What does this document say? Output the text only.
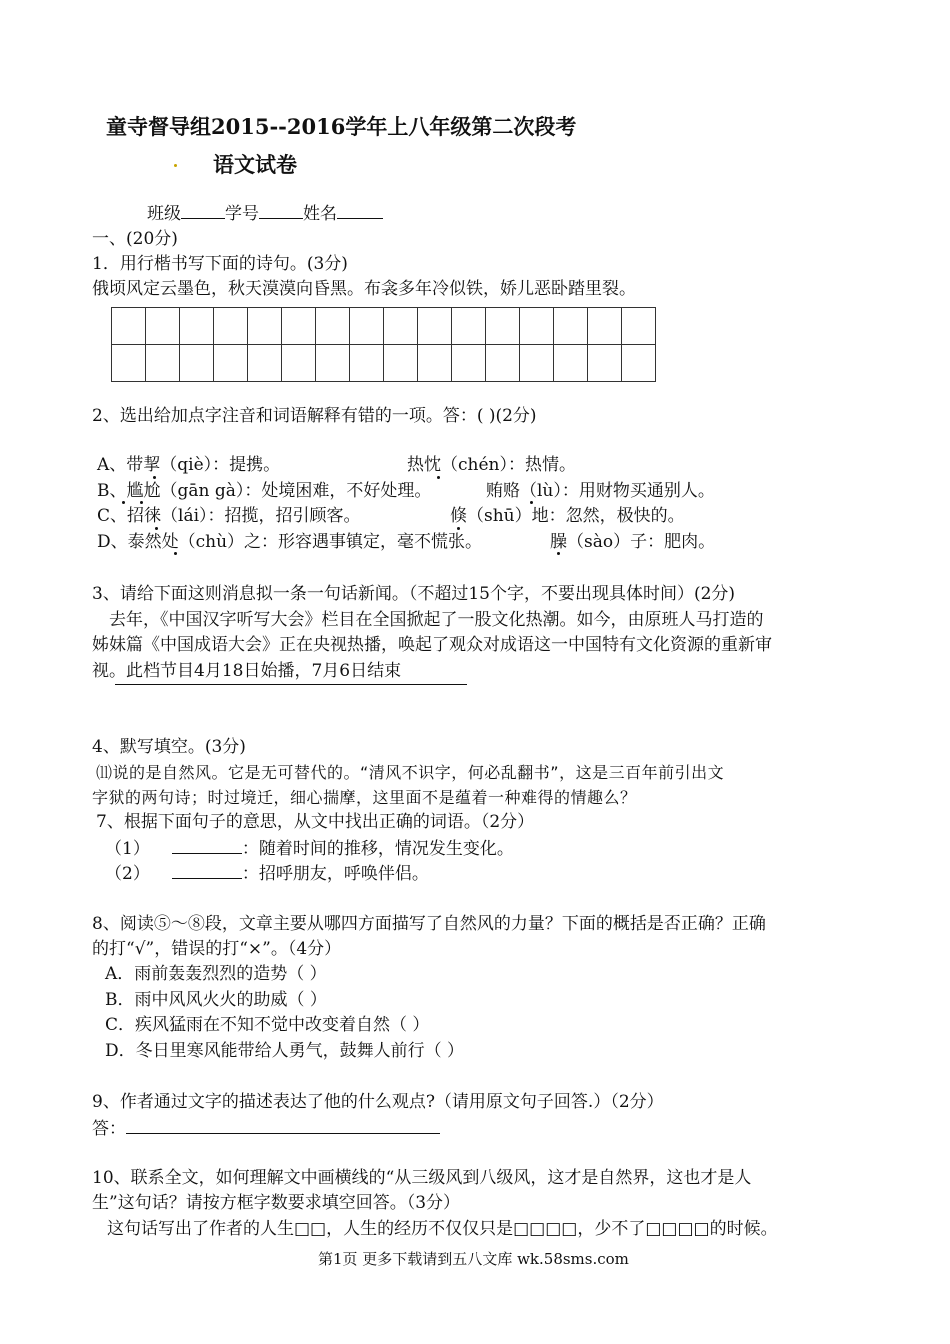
童寺督导组2015--2016学年上八年级第二次段考
语文试卷
班级	学号	姓名
一、(20分)
1．用行楷书写下面的诗句。(3分)
俄顷风定云墨色，秋天漠漠向昏黑。布衾多年冷似铁，娇儿恶卧踏里裂。

2、选出给加点字注音和词语解释有错的一项。答：( )(2分)
A、带挈（qiè）：提携。	热忱（chén）：热情。
B、尴尬（gān gà）：处境困难，不好处理。	贿赂（lù）：用财物买通别人。
C、招徕（lái）：招揽，招引顾客。	倏（shū）地：忽然，极快的。
D、泰然处（chù）之：形容遇事镇定，毫不慌张。	臊（sào）子：肥肉。
3、请给下面这则消息拟一条一句话新闻。（不超过15个字，不要出现具体时间）(2分)
去年，《中国汉字听写大会》栏目在全国掀起了一股文化热潮。如今，由原班人马打造的
姊妹篇《中国成语大会》正在央视热播，唤起了观众对成语这一中国特有文化资源的重新审
视。此档节目4月18日始播，7月6日结束
4、默写填空。(3分)
⑾说的是自然风。它是无可替代的。“清风不识字，何必乱翻书”，这是三百年前引出文
字狱的两句诗；时过境迁，细心揣摩，这里面不是蕴着一种难得的情趣么？
7、根据下面句子的意思，从文中找出正确的词语。（2分）
（1）	：随着时间的推移，情况发生变化。
（2）	：招呼朋友，呼唤伴侣。
8、阅读⑤～⑧段，文章主要从哪四方面描写了自然风的力量？下面的概括是否正确？正确
的打“√”，错误的打“×”。（4分）
A．雨前轰轰烈烈的造势（ ）
B．雨中风风火火的助威（ ）
C．疾风猛雨在不知不觉中改变着自然（ ）
D．冬日里寒风能带给人勇气，鼓舞人前行（ ）
9、作者通过文字的描述表达了他的什么观点?（请用原文句子回答.）（2分）
答：
10、联系全文，如何理解文中画横线的“从三级风到八级风，这才是自然界，这也才是人
生”这句话？请按方框字数要求填空回答。（3分）
这句话写出了作者的人生□□，人生的经历不仅仅只是□□□□，少不了□□□□的时候。
第1页 更多下载请到五八文库 wk.58sms.com
